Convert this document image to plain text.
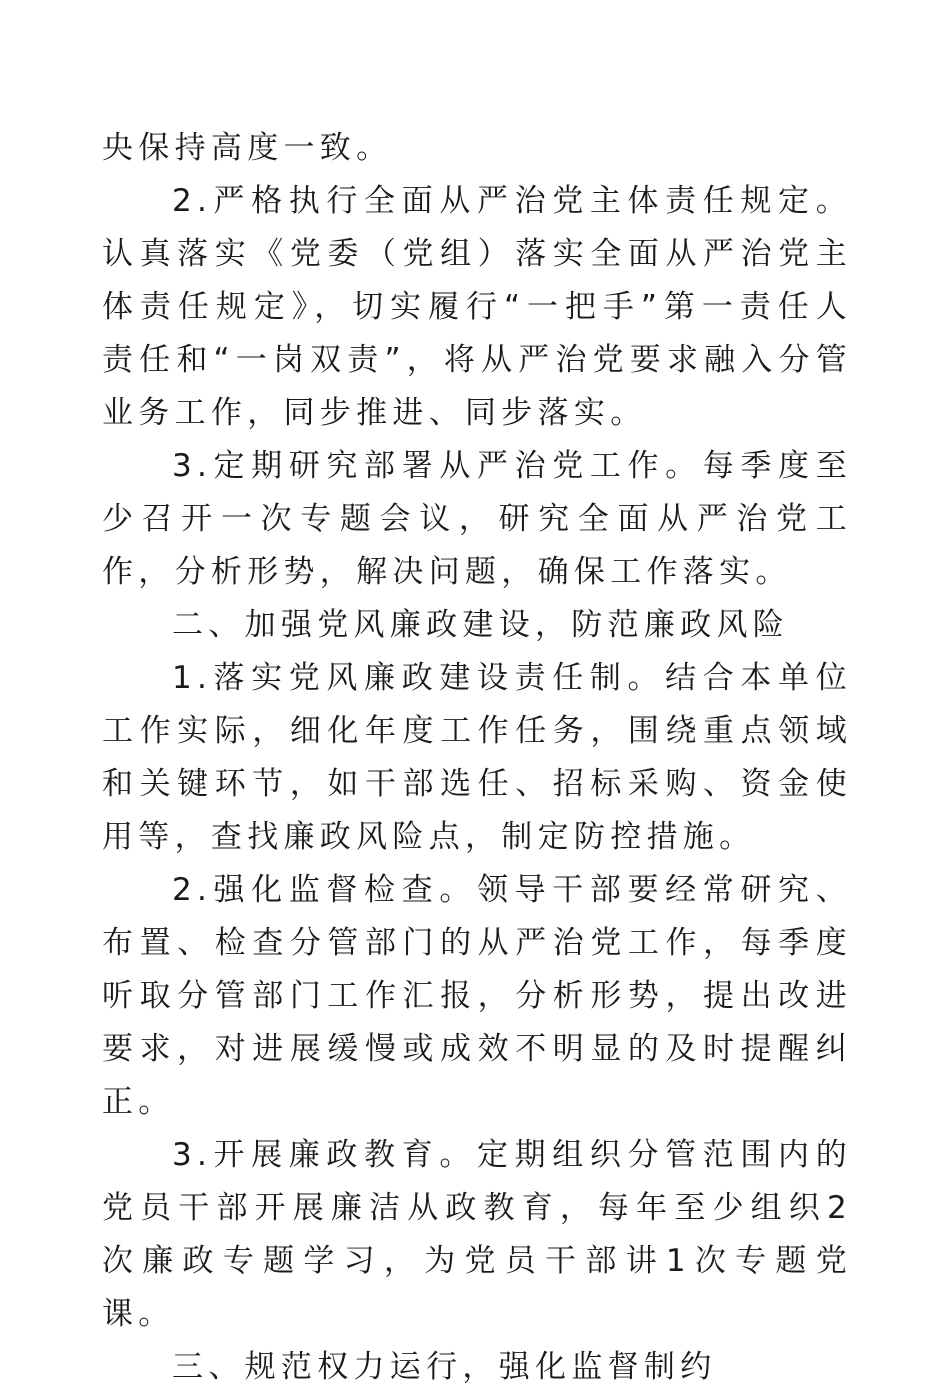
央保持高度一致。

2.严格执行全面从严治党主体责任规定。认真落实《党委（党组）落实全面从严治党主体责任规定》，切实履行“一把手”第一责任人责任和“一岗双责”，将从严治党要求融入分管业务工作，同步推进、同步落实。

3.定期研究部署从严治党工作。每季度至少召开一次专题会议，研究全面从严治党工作，分析形势，解决问题，确保工作落实。

二、加强党风廉政建设，防范廉政风险

1.落实党风廉政建设责任制。结合本单位工作实际，细化年度工作任务，围绕重点领域和关键环节，如干部选任、招标采购、资金使用等，查找廉政风险点，制定防控措施。

2.强化监督检查。领导干部要经常研究、布置、检查分管部门的从严治党工作，每季度听取分管部门工作汇报，分析形势，提出改进要求，对进展缓慢或成效不明显的及时提醒纠正。

3.开展廉政教育。定期组织分管范围内的党员干部开展廉洁从政教育，每年至少组织2次廉政专题学习，为党员干部讲1次专题党课。

三、规范权力运行，强化监督制约
